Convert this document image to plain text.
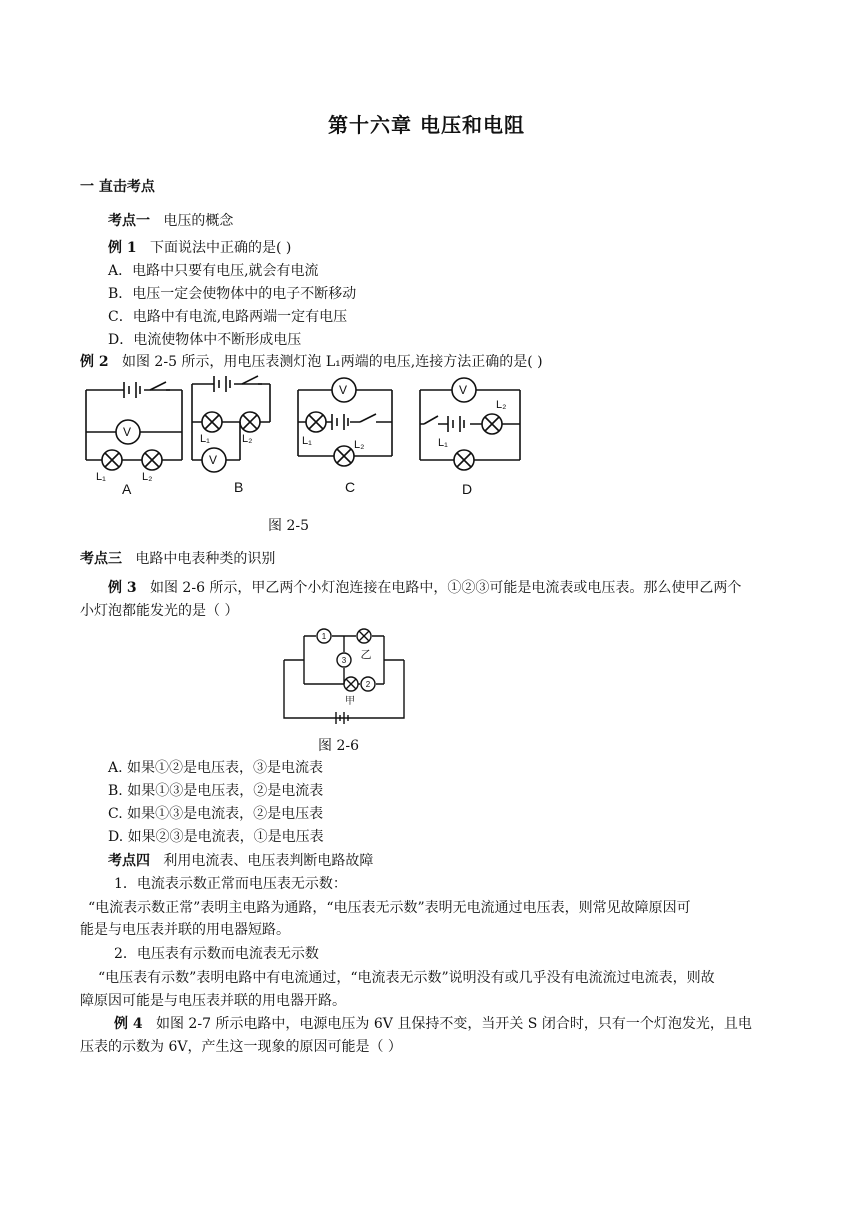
第十六章 电压和电阻
一 直击考点
考点一 电压的概念
例 1 下面说法中正确的是( )
A．电路中只要有电压,就会有电流
B．电压一定会使物体中的电子不断移动
C．电路中有电流,电路两端一定有电压
D．电流使物体中不断形成电压
例 2 如图 2-5 所示，用电压表测灯泡 L₁两端的电压,连接方法正确的是( )
V
V
V	V
L₁	L₂
L₁	L₂	L₁	L₂	L₁
L₂
A	B	C	D
图 2-5
考点三 电路中电表种类的识别
例 3 如图 2-6 所示，甲乙两个小灯泡连接在电路中，①②③可能是电流表或电压表。那么使甲乙两个
小灯泡都能发光的是（ ）
1
3
2
乙
甲
图 2-6
A. 如果①②是电压表，③是电流表
B. 如果①③是电压表，②是电流表
C. 如果①③是电流表，②是电压表
D. 如果②③是电流表，①是电压表
考点四 利用电流表、电压表判断电路故障
1．电流表示数正常而电压表无示数：
“电流表示数正常”表明主电路为通路，“电压表无示数”表明无电流通过电压表，则常见故障原因可
能是与电压表并联的用电器短路。
2．电压表有示数而电流表无示数
“电压表有示数”表明电路中有电流通过，“电流表无示数”说明没有或几乎没有电流流过电流表，则故
障原因可能是与电压表并联的用电器开路。
例 4 如图 2-7 所示电路中，电源电压为 6V 且保持不变，当开关 S 闭合时，只有一个灯泡发光，且电
压表的示数为 6V，产生这一现象的原因可能是（ ）
